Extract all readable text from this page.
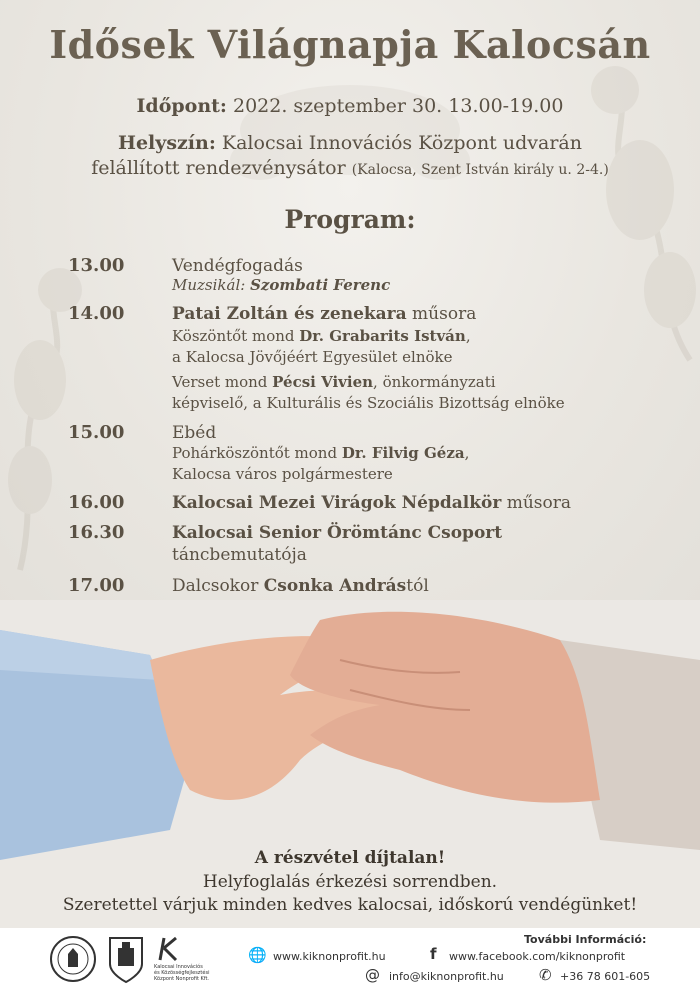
Idősek Világnapja Kalocsán
Időpont: 2022. szeptember 30. 13.00-19.00
Helyszín: Kalocsai Innovációs Központ udvarán
felállított rendezvénysátor (Kalocsa, Szent István király u. 2-4.)
Program:
13.00	Vendégfogadás
Muzsikál: Szombati Ferenc
14.00	Patai Zoltán és zenekara műsora
Köszöntőt mond Dr. Grabarits István,
a Kalocsa Jövőjéért Egyesület elnöke
Verset mond Pécsi Vivien, önkormányzati
képviselő, a Kulturális és Szociális Bizottság elnöke
15.00	Ebéd
Pohárköszöntőt mond Dr. Filvig Géza,
Kalocsa város polgármestere
16.00	Kalocsai Mezei Virágok Népdalkör műsora
16.30	Kalocsai Senior Örömtánc Csoport
táncbemutatója
17.00	Dalcsokor Csonka Andrástól
A részvétel díjtalan!
Helyfoglalás érkezési sorrendben.
Szeretettel várjuk minden kedves kalocsai, időskorú vendégünket!
Kalocsai Innovációs
és Közösségfejlesztési
Központ Nonprofit Kft.
További Információ:
🌐 www.kiknonprofit.hu	f www.facebook.com/kiknonprofit
@ info@kiknonprofit.hu ✆ +36 78 601-605
